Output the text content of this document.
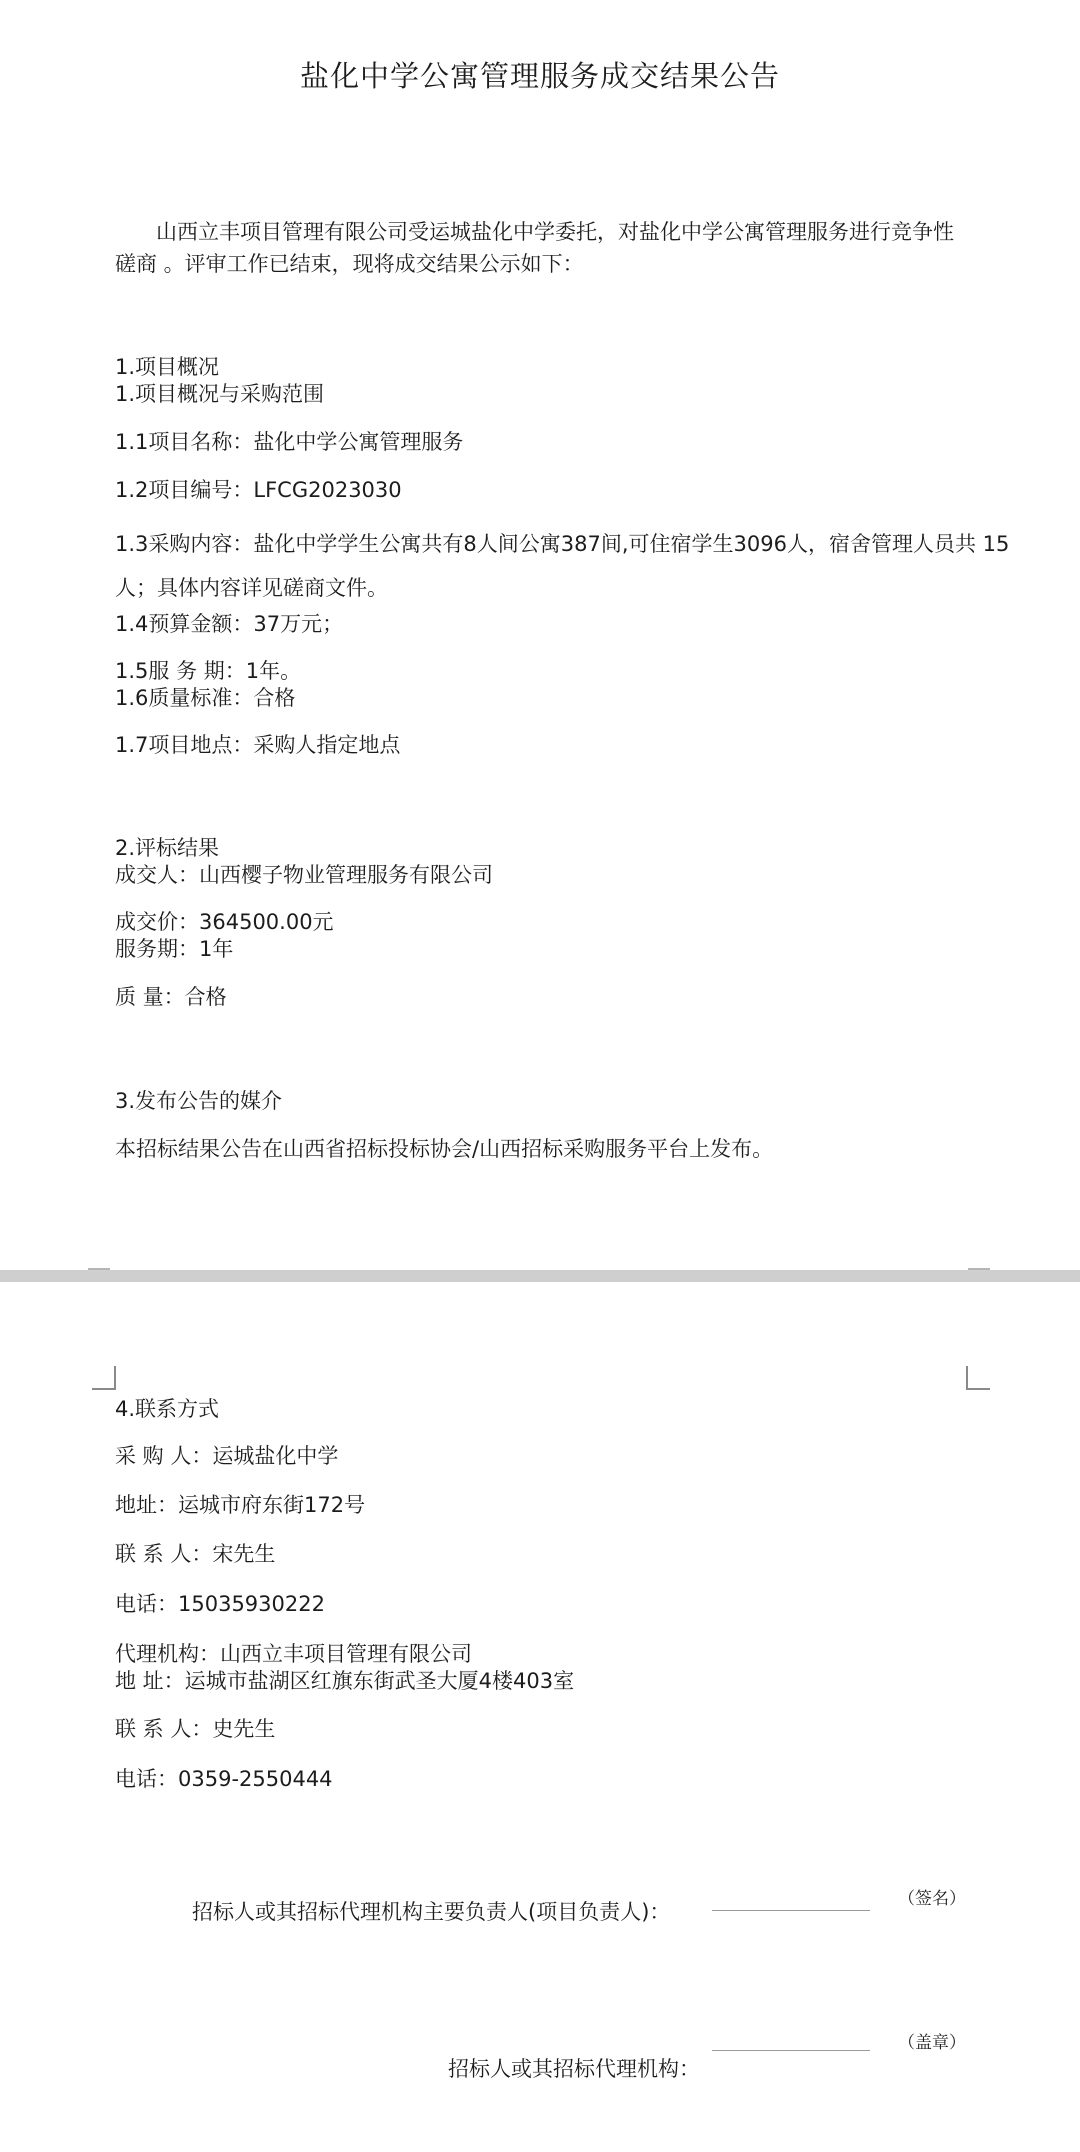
盐化中学公寓管理服务成交结果公告
山西立丰项目管理有限公司受运城盐化中学委托，对盐化中学公寓管理服务进行竞争性
磋商 。评审工作已结束，现将成交结果公示如下：
1.项目概况
1.项目概况与采购范围
1.1项目名称：盐化中学公寓管理服务
1.2项目编号：LFCG2023030
1.3采购内容：盐化中学学生公寓共有8人间公寓387间,可住宿学生3096人，宿舍管理人员共 15
人；具体内容详见磋商文件。
1.4预算金额：37万元；
1.5服 务 期：1年。
1.6质量标准：合格
1.7项目地点：采购人指定地点
2.评标结果
成交人：山西樱子物业管理服务有限公司
成交价：364500.00元
服务期：1年
质 量：合格
3.发布公告的媒介
本招标结果公告在山西省招标投标协会/山西招标采购服务平台上发布。
4.联系方式
采 购 人：运城盐化中学
地址：运城市府东街172号
联 系 人：宋先生
电话：15035930222
代理机构：山西立丰项目管理有限公司
地 址：运城市盐湖区红旗东街武圣大厦4楼403室
联 系 人：史先生
电话：0359-2550444
招标人或其招标代理机构主要负责人(项目负责人)：
（签名）
招标人或其招标代理机构：
（盖章）
